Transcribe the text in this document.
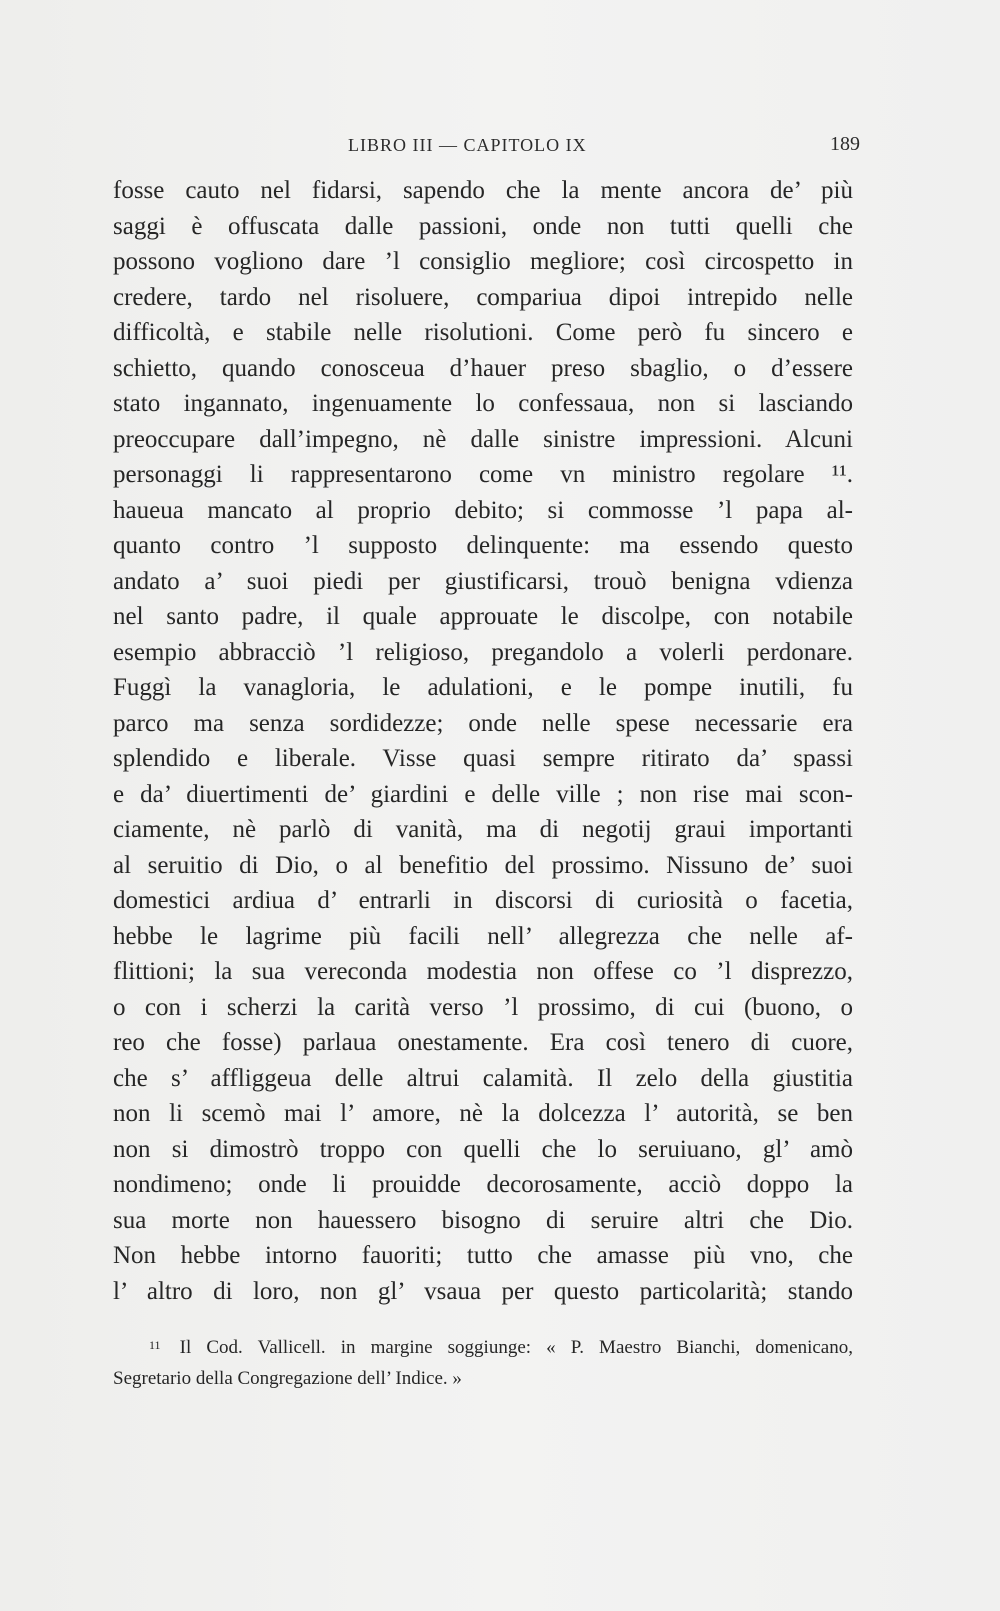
LIBRO III — CAPITOLO IX	189
fosse cauto nel fidarsi, sapendo che la mente ancora de’ più
saggi è offuscata dalle passioni, onde non tutti quelli che
possono vogliono dare ’l consiglio megliore; così circospetto in
credere, tardo nel risoluere, compariua dipoi intrepido nelle
difficoltà, e stabile nelle risolutioni. Come però fu sincero e
schietto, quando conosceua d’hauer preso sbaglio, o d’essere
stato ingannato, ingenuamente lo confessaua, non si lasciando
preoccupare dall’impegno, nè dalle sinistre impressioni. Alcuni
personaggi li rappresentarono come vn ministro regolare ¹¹.
haueua mancato al proprio debito; si commosse ’l papa al-
quanto contro ’l supposto delinquente: ma essendo questo
andato a’ suoi piedi per giustificarsi, trouò benigna vdienza
nel santo padre, il quale approuate le discolpe, con notabile
esempio abbracciò ’l religioso, pregandolo a volerli perdonare.
Fuggì la vanagloria, le adulationi, e le pompe inutili, fu
parco ma senza sordidezze; onde nelle spese necessarie era
splendido e liberale. Visse quasi sempre ritirato da’ spassi
e da’ diuertimenti de’ giardini e delle ville ; non rise mai scon-
ciamente, nè parlò di vanità, ma di negotij graui importanti
al seruitio di Dio, o al benefitio del prossimo. Nissuno de’ suoi
domestici ardiua d’ entrarli in discorsi di curiosità o facetia,
hebbe le lagrime più facili nell’ allegrezza che nelle af-
flittioni; la sua vereconda modestia non offese co ’l disprezzo,
o con i scherzi la carità verso ’l prossimo, di cui (buono, o
reo che fosse) parlaua onestamente. Era così tenero di cuore,
che s’ affliggeua delle altrui calamità. Il zelo della giustitia
non li scemò mai l’ amore, nè la dolcezza l’ autorità, se ben
non si dimostrò troppo con quelli che lo seruiuano, gl’ amò
nondimeno; onde li prouidde decorosamente, acciò doppo la
sua morte non hauessero bisogno di seruire altri che Dio.
Non hebbe intorno fauoriti; tutto che amasse più vno, che
l’ altro di loro, non gl’ vsaua per questo particolarità; stando
$^{11}$ Il Cod. Vallicell. in margine soggiunge: « P. Maestro Bianchi, domenicano,
Segretario della Congregazione dell’ Indice. »
